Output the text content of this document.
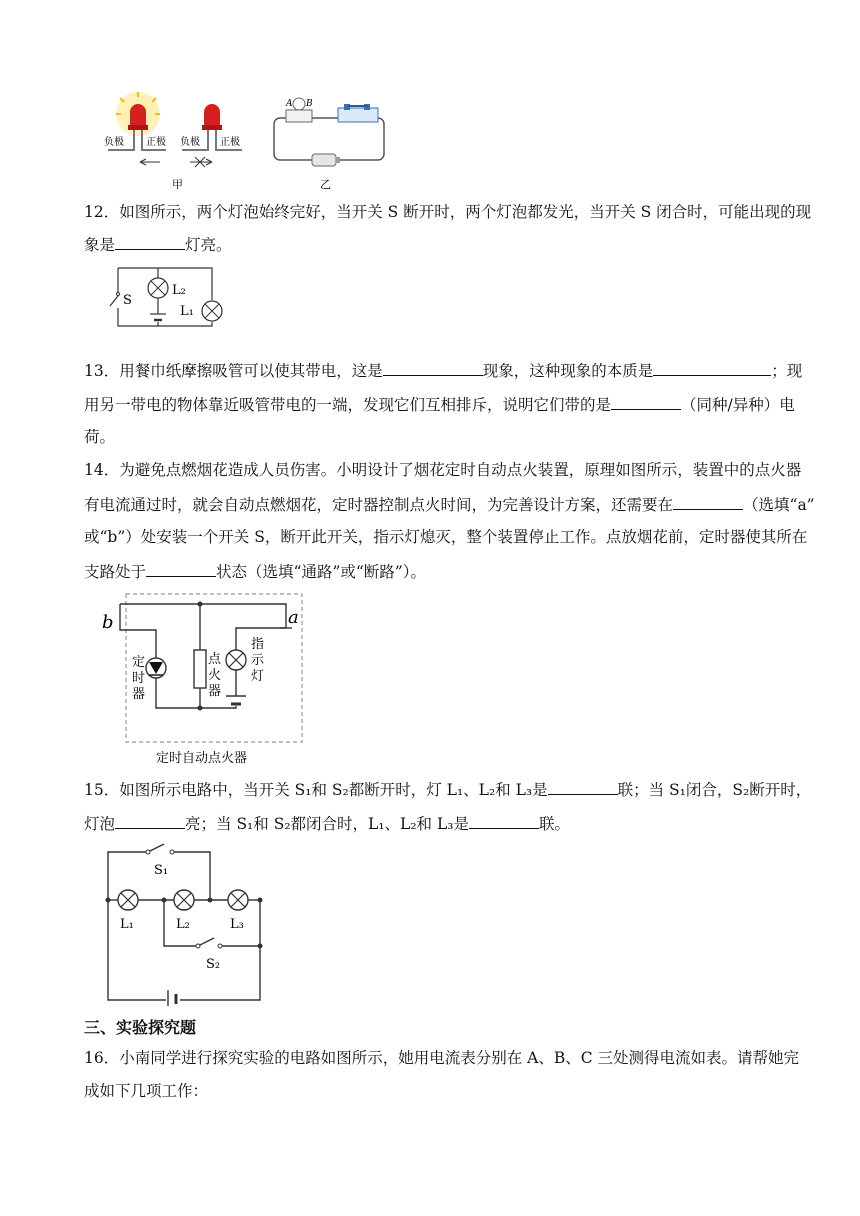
负极 正极 负极 正极
甲
A B
乙
12．如图所示，两个灯泡始终完好，当开关 S 断开时，两个灯泡都发光，当开关 S 闭合时，可能出现的现
象是	灯亮。
S
L₂
L₁
13．用餐巾纸摩擦吸管可以使其带电，这是	现象，这种现象的本质是	；现
用另一带电的物体靠近吸管带电的一端，发现它们互相排斥，说明它们带的是	（同种/异种）电
荷。
14．为避免点燃烟花造成人员伤害。小明设计了烟花定时自动点火装置，原理如图所示，装置中的点火器
有电流通过时，就会自动点燃烟花，定时器控制点火时间，为完善设计方案，还需要在	（选填“a”
或“b”）处安装一个开关 S，断开此开关，指示灯熄灭，整个装置停止工作。点放烟花前，定时器使其所在
支路处于	状态（选填“通路”或“断路”）。
b	a
定
时
器
点
火
器
指
示
灯
定时自动点火器
15．如图所示电路中，当开关 S₁和 S₂都断开时，灯 L₁、L₂和 L₃是	联；当 S₁闭合，S₂断开时，
灯泡	亮；当 S₁和 S₂都闭合时，L₁、L₂和 L₃是	联。
S₁
L₁	L₂	L₃
S₂
三、实验探究题
16．小南同学进行探究实验的电路如图所示，她用电流表分别在 A、B、C 三处测得电流如表。请帮她完
成如下几项工作：
